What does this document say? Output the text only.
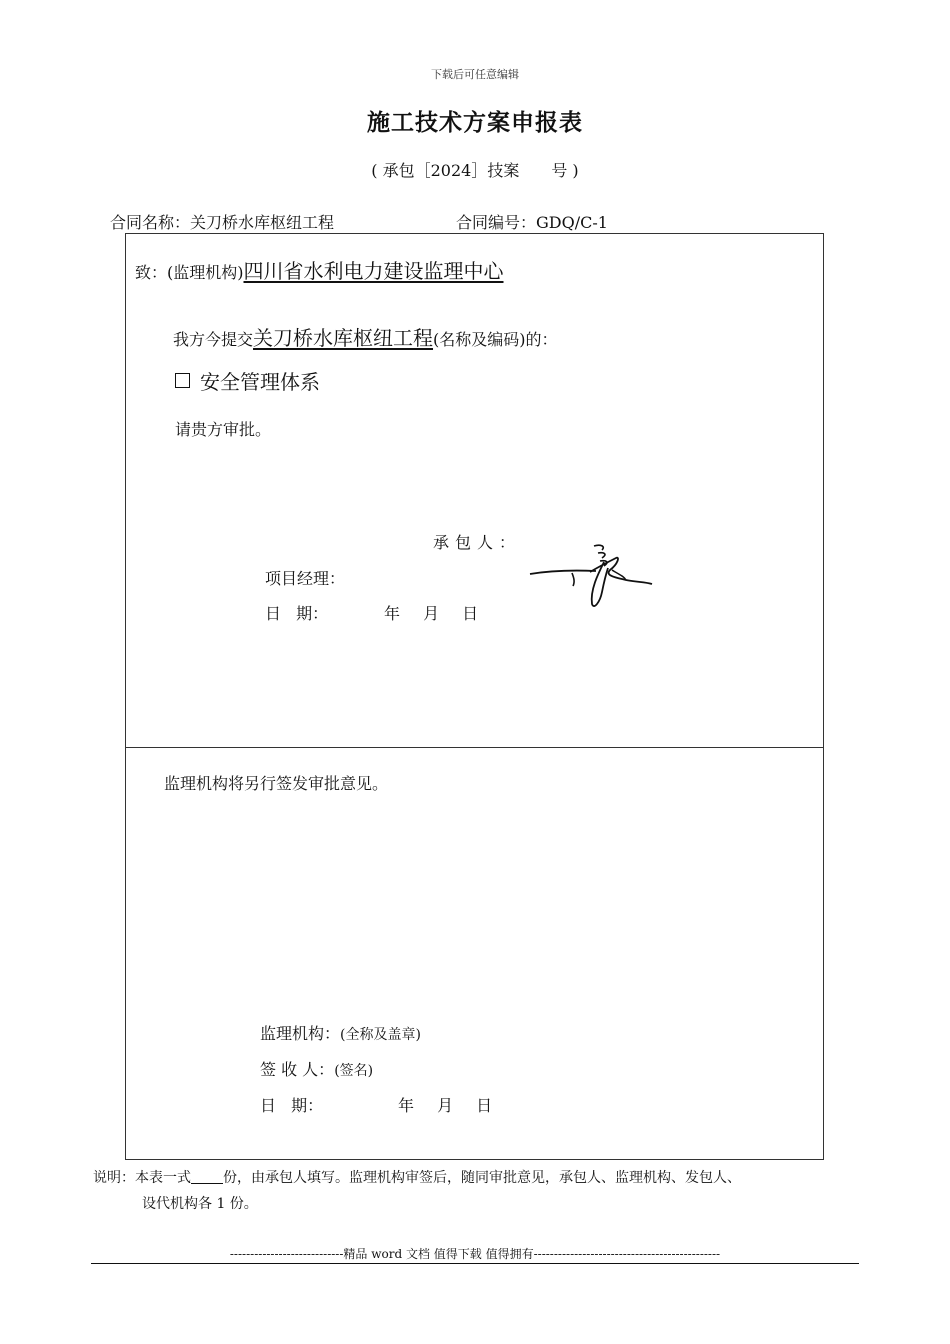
下载后可任意编辑
施工技术方案申报表
( 承包［2024］技案　　号 )
合同名称：关刀桥水库枢纽工程	合同编号：GDQ/C-1
致：(监理机构)四川省水利电力建设监理中心
我方今提交关刀桥水库枢纽工程(名称及编码)的：
安全管理体系
请贵方审批。
承包人：
项目经理：
日 期：	年 月 日
监理机构将另行签发审批意见。
监理机构：(全称及盖章)
签 收 人：(签名)
日 期：	年 月 日
说明：本表一式 份，由承包人填写。监理机构审签后，随同审批意见，承包人、监理机构、发包人、
设代机构各 1 份。
----------------------------精品 word 文档 值得下载 值得拥有----------------------------------------------
